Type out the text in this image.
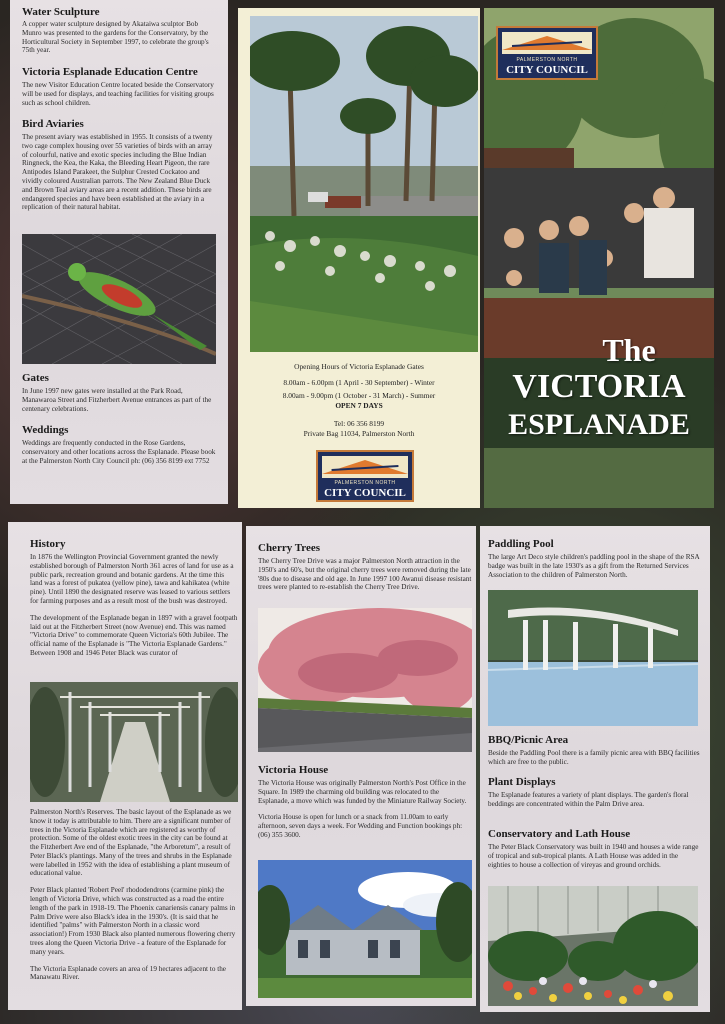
Water Sculpture

A copper water sculpture designed by Akataiwa sculptor Bob Munro was presented to the gardens for the Conservatory, by the Horticultural Society in September 1997, to celebrate the group's 75th year.

Victoria Esplanade Education Centre

The new Visitor Education Centre located beside the Conservatory will be used for displays, and teaching facilities for visiting groups such as school children.

Bird Aviaries

The present aviary was established in 1955. It consists of a twenty two cage complex housing over 55 varieties of birds with an array of colourful, native and exotic species including the Blue Indian Ringneck, the Kea, the Kaka, the Bleeding Heart Pigeon, the rare Antipodes Island Parakeet, the Sulphur Crested Cockatoo and vividly coloured Australian parrots. The New Zealand Blue Duck and Brown Teal aviary areas are a recent addition. These birds are endangered species and have been established at the aviary in a replication of their natural habitat.

Gates

In June 1997 new gates were installed at the Park Road, Manawaroa Street and Fitzherbert Avenue entrances as part of the centenary celebrations.

Weddings

Weddings are frequently conducted in the Rose Gardens, conservatory and other locations across the Esplanade. Please book at the Palmerston North City Council ph: (06) 356 8199 ext 7752

Opening Hours of Victoria Esplanade Gates
8.00am - 6.00pm (1 April - 30 September) - Winter
8.00am - 9.00pm (1 October - 31 March) - Summer
OPEN 7 DAYS
Tel: 06 356 8199
Private Bag 11034, Palmerston North
PALMERSTON NORTH
CITY COUNCIL
PALMERSTON NORTH
CITY COUNCIL
The
VICTORIA
ESPLANADE
History

In 1876 the Wellington Provincial Government granted the newly established borough of Palmerston North 361 acres of land for use as a public park, recreation ground and botanic gardens. At the time this land was a forest of pukatea (yellow pine), tawa and kahikatea (white pine). Until 1890 the designated reserve was leased to various settlers for farming purposes and as a result most of the bush was destroyed.

The development of the Esplanade began in 1897 with a gravel footpath laid out at the Fitzherbert Street (now Avenue) end. This was named "Victoria Drive" to commemorate Queen Victoria's 60th Jubilee. The official name of the Esplanade is "The Victoria Esplanade Gardens." Between 1908 and 1946 Peter Black was curator of

Palmerston North's Reserves. The basic layout of the Esplanade as we know it today is attributable to him. There are a significant number of trees in the Victoria Esplanade which are registered as worthy of protection. Some of the oldest exotic trees in the city can be found at the Fitzherbert Ave end of the Esplanade, "the Arboretum", a result of Peter Black's plantings. Many of the trees and shrubs in the Esplanade were labelled in 1952 with the idea of establishing a plant museum of educational value.

Peter Black planted 'Robert Peel' rhododendrons (carmine pink) the length of Victoria Drive, which was constructed as a road the entire length of the park in 1918-19. The Phoenix canariensis canary palms in Palm Drive were also Black's idea in the 1930's. (It is said that he identified "palms" with Palmerston North in a classic word association!) From 1930 Black also planted numerous flowering cherry trees along the Queen Victoria Drive - a feature of the Esplanade for many years.

The Victoria Esplanade covers an area of 19 hectares adjacent to the Manawatu River.

Cherry Trees

The Cherry Tree Drive was a major Palmerston North attraction in the 1950's and 60's, but the original cherry trees were removed during the late '80s due to disease and old age. In June 1997 100 Awanui disease resistant trees were planted to re-establish the Cherry Tree Drive.

Victoria House

The Victoria House was originally Palmerston North's Post Office in the Square. In 1989 the charming old building was relocated to the Esplanade, a move which was funded by the Miniature Railway Society.

Victoria House is open for lunch or a snack from 11.00am to early afternoon, seven days a week. For Wedding and Function bookings ph: (06) 355 3600.

Paddling Pool

The large Art Deco style children's paddling pool in the shape of the RSA badge was built in the late 1930's as a gift from the Returned Services Association to the children of Palmerston North.

BBQ/Picnic Area

Beside the Paddling Pool there is a family picnic area with BBQ facilities which are free to the public.

Plant Displays

The Esplanade features a variety of plant displays. The garden's floral beddings are concentrated within the Palm Drive area.

Conservatory and Lath House

The Peter Black Conservatory was built in 1940 and houses a wide range of tropical and sub-tropical plants. A Lath House was added in the eighties to house a collection of vireyas and ground orchids.
